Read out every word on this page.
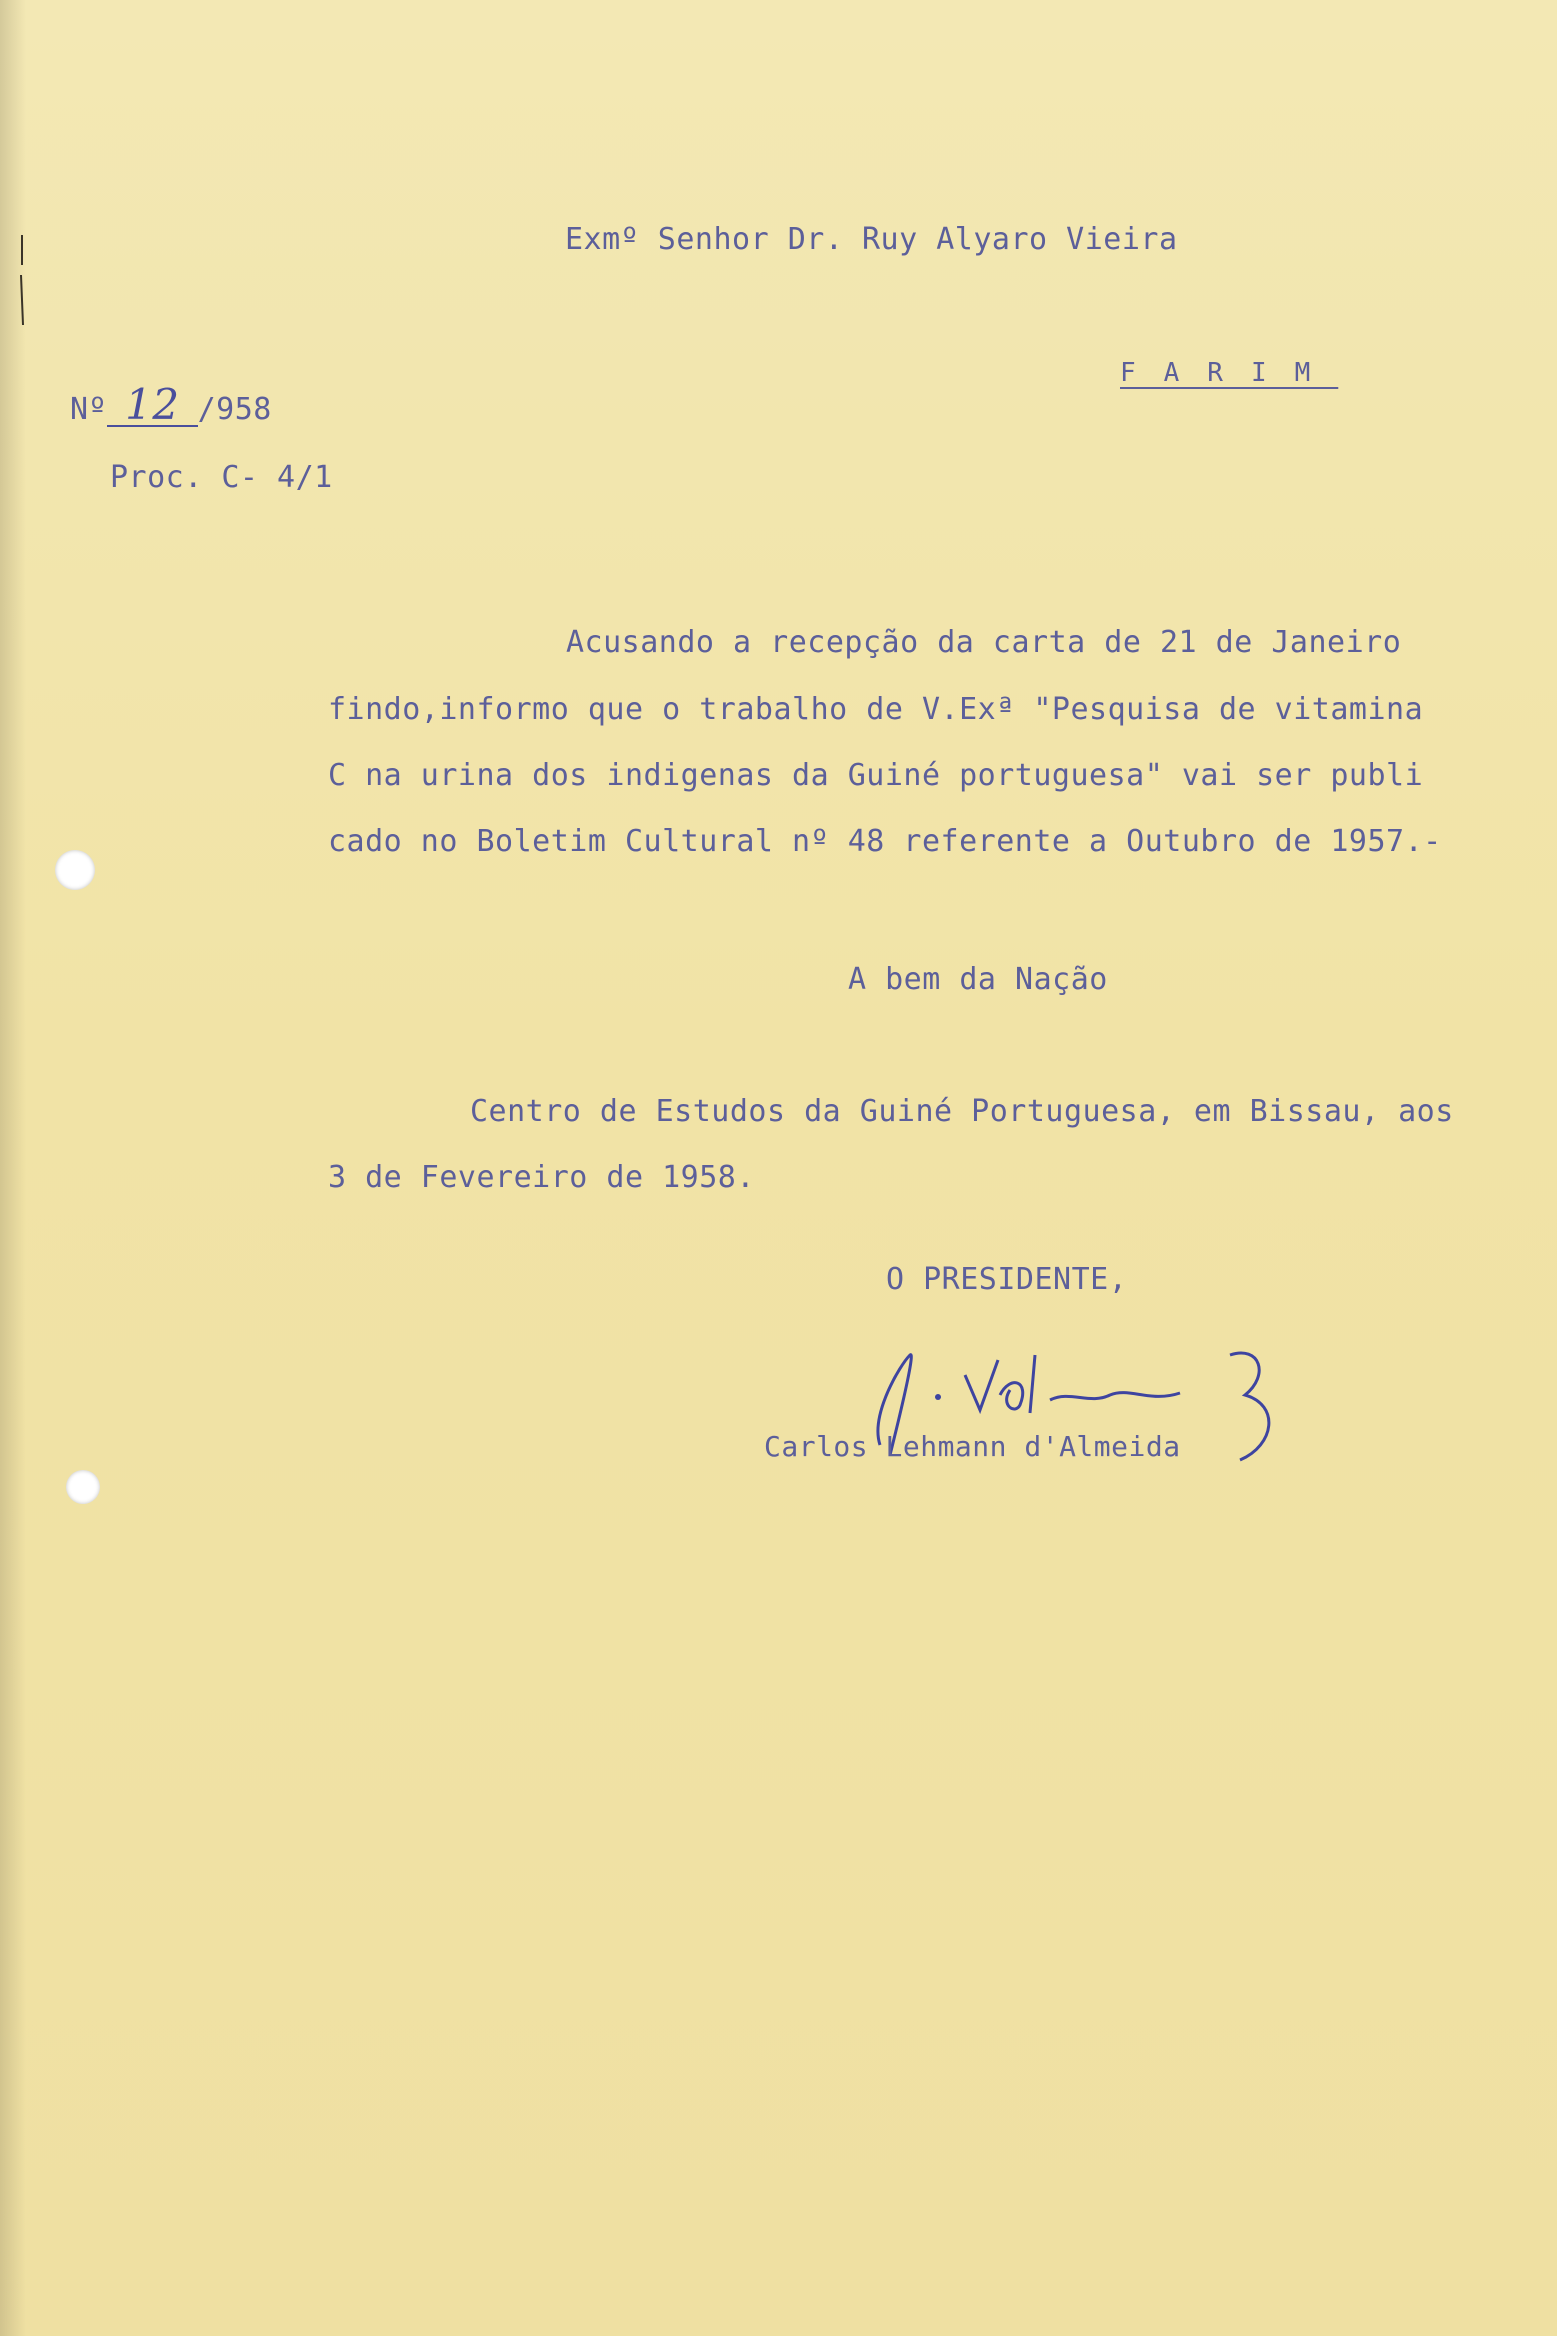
Exmº Senhor Dr. Ruy Alyaro Vieira
FARIM
Nº 12 /958
Proc. C- 4/1
Acusando a recepção da carta de 21 de Janeiro
findo,informo que o trabalho de V.Exª "Pesquisa de vitamina
C na urina dos indigenas da Guiné portuguesa" vai ser publi
cado no Boletim Cultural nº 48 referente a Outubro de 1957.-
A bem da Nação
Centro de Estudos da Guiné Portuguesa, em Bissau, aos
3 de Fevereiro de 1958.
O PRESIDENTE,
Carlos Lehmann d'Almeida
